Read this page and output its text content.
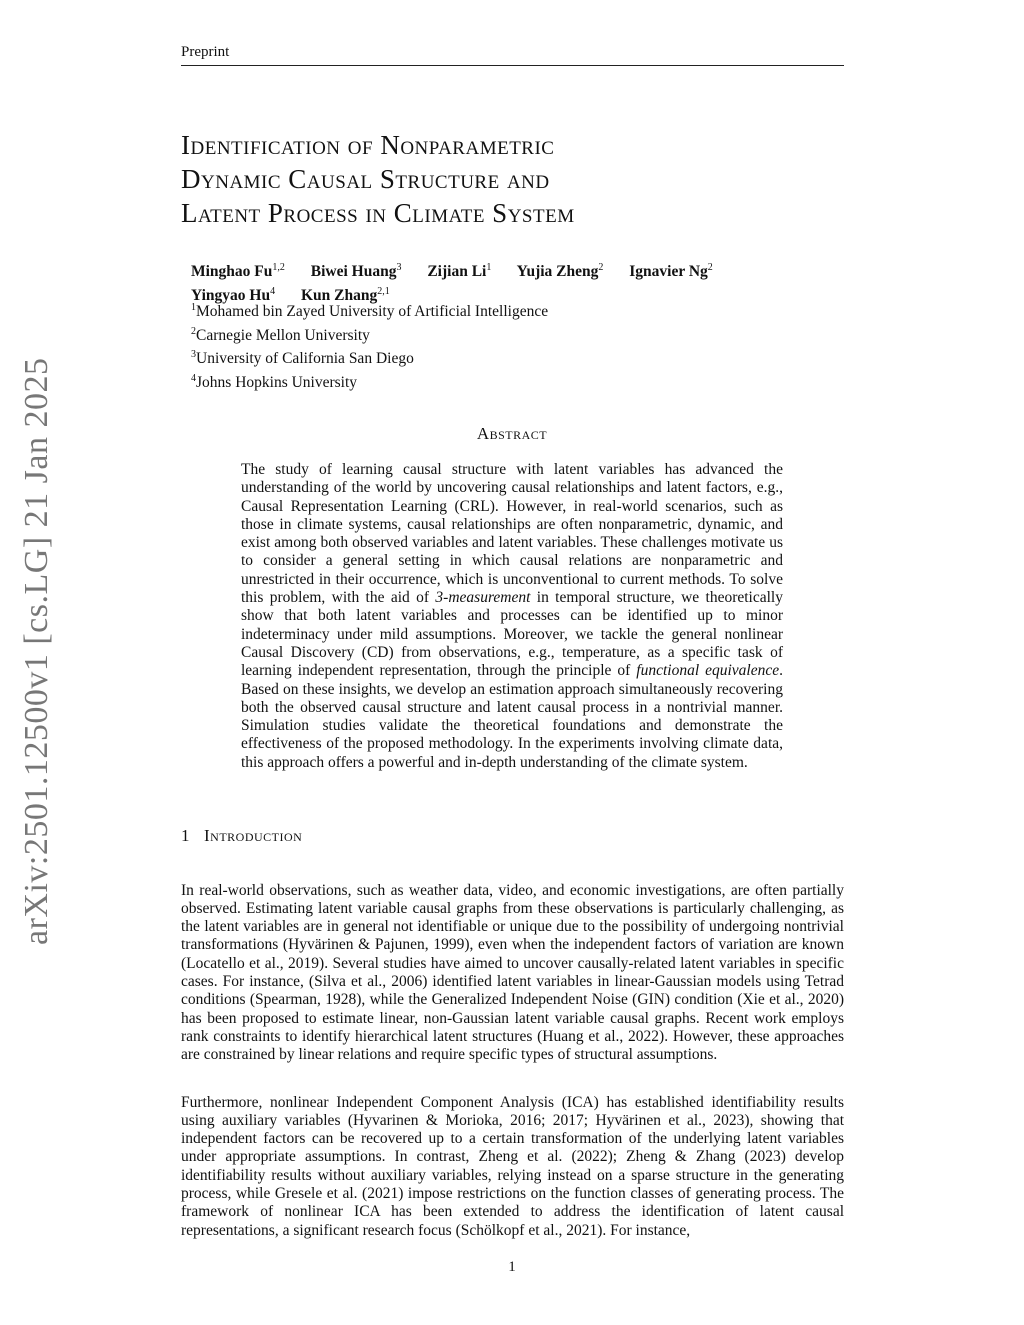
Preprint
arXiv:2501.12500v1 [cs.LG] 21 Jan 2025
Identification of Nonparametric
Dynamic Causal Structure and
Latent Process in Climate System
Minghao Fu$^{1,2}$ Biwei Huang$^3$ Zijian Li$^1$ Yujia Zheng$^2$ Ignavier Ng$^2$
Yingyao Hu$^4$ Kun Zhang$^{2,1}$
$^1$Mohamed bin Zayed University of Artificial Intelligence
$^2$Carnegie Mellon University
$^3$University of California San Diego
$^4$Johns Hopkins University
Abstract
The study of learning causal structure with latent variables has advanced the understanding of the world by uncovering causal relationships and latent factors, e.g., Causal Representation Learning (CRL). However, in real-world scenarios, such as those in climate systems, causal relationships are often nonparametric, dynamic, and exist among both observed variables and latent variables. These challenges motivate us to consider a general setting in which causal relations are nonparametric and unrestricted in their occurrence, which is unconventional to current methods. To solve this problem, with the aid of 3-measurement in temporal structure, we theoretically show that both latent variables and processes can be identified up to minor indeterminacy under mild assumptions. Moreover, we tackle the general nonlinear Causal Discovery (CD) from observations, e.g., temperature, as a specific task of learning independent representation, through the principle of functional equivalence. Based on these insights, we develop an estimation approach simultaneously recovering both the observed causal structure and latent causal process in a nontrivial manner. Simulation studies validate the theoretical foundations and demonstrate the effectiveness of the proposed methodology. In the experiments involving climate data, this approach offers a powerful and in-depth understanding of the climate system.
1 Introduction

In real-world observations, such as weather data, video, and economic investigations, are often partially observed. Estimating latent variable causal graphs from these observations is particularly challenging, as the latent variables are in general not identifiable or unique due to the possibility of undergoing nontrivial transformations (Hyvärinen & Pajunen, 1999), even when the independent factors of variation are known (Locatello et al., 2019). Several studies have aimed to uncover causally-related latent variables in specific cases. For instance, (Silva et al., 2006) identified latent variables in linear-Gaussian models using Tetrad conditions (Spearman, 1928), while the Generalized Independent Noise (GIN) condition (Xie et al., 2020) has been proposed to estimate linear, non-Gaussian latent variable causal graphs. Recent work employs rank constraints to identify hierarchical latent structures (Huang et al., 2022). However, these approaches are constrained by linear relations and require specific types of structural assumptions.

Furthermore, nonlinear Independent Component Analysis (ICA) has established identifiability results using auxiliary variables (Hyvarinen & Morioka, 2016; 2017; Hyvärinen et al., 2023), showing that independent factors can be recovered up to a certain transformation of the underlying latent variables under appropriate assumptions. In contrast, Zheng et al. (2022); Zheng & Zhang (2023) develop identifiability results without auxiliary variables, relying instead on a sparse structure in the generating process, while Gresele et al. (2021) impose restrictions on the function classes of generating process. The framework of nonlinear ICA has been extended to address the identification of latent causal representations, a significant research focus (Schölkopf et al., 2021). For instance,

1
